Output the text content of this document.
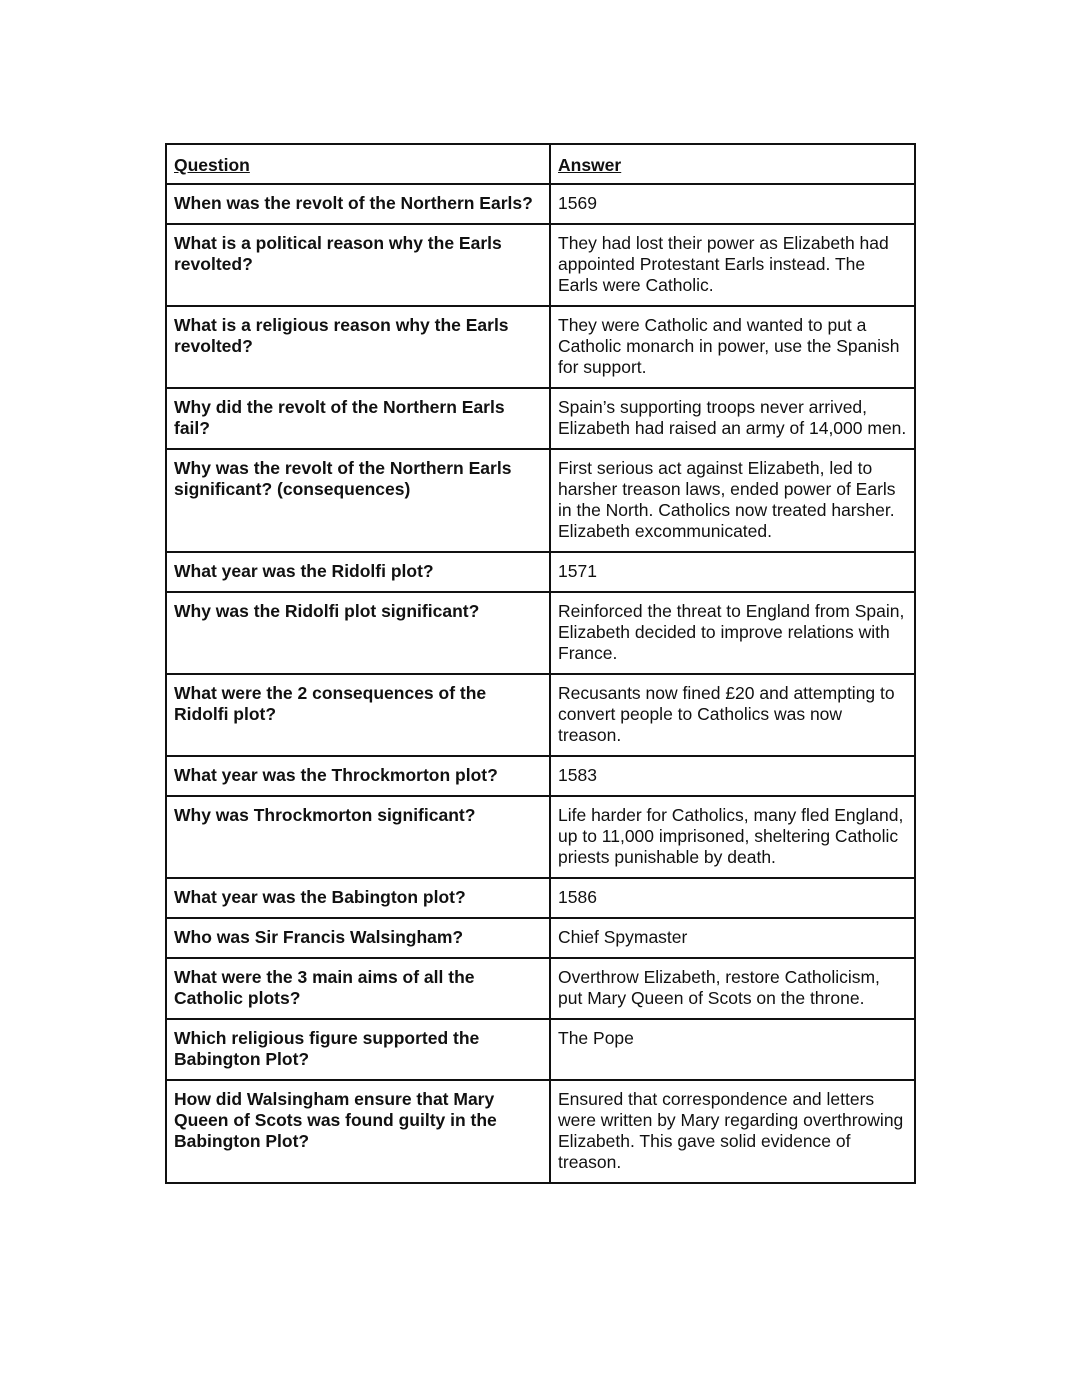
Question	Answer
When was the revolt of the Northern Earls?	1569
What is a political reason why the Earls revolted?	They had lost their power as Elizabeth had appointed Protestant Earls instead. The Earls were Catholic.
What is a religious reason why the Earls revolted?	They were Catholic and wanted to put a Catholic monarch in power, use the Spanish for support.
Why did the revolt of the Northern Earls fail?	Spain’s supporting troops never arrived, Elizabeth had raised an army of 14,000 men.
Why was the revolt of the Northern Earls significant? (consequences)	First serious act against Elizabeth, led to harsher treason laws, ended power of Earls in the North. Catholics now treated harsher. Elizabeth excommunicated.
What year was the Ridolfi plot?	1571
Why was the Ridolfi plot significant?	Reinforced the threat to England from Spain, Elizabeth decided to improve relations with France.
What were the 2 consequences of the Ridolfi plot?	Recusants now fined £20 and attempting to convert people to Catholics was now treason.
What year was the Throckmorton plot?	1583
Why was Throckmorton significant?	Life harder for Catholics, many fled England, up to 11,000 imprisoned, sheltering Catholic priests punishable by death.
What year was the Babington plot?	1586
Who was Sir Francis Walsingham?	Chief Spymaster
What were the 3 main aims of all the Catholic plots?	Overthrow Elizabeth, restore Catholicism, put Mary Queen of Scots on the throne.
Which religious figure supported the Babington Plot?	The Pope
How did Walsingham ensure that Mary Queen of Scots was found guilty in the Babington Plot?	Ensured that correspondence and letters were written by Mary regarding overthrowing Elizabeth. This gave solid evidence of treason.
